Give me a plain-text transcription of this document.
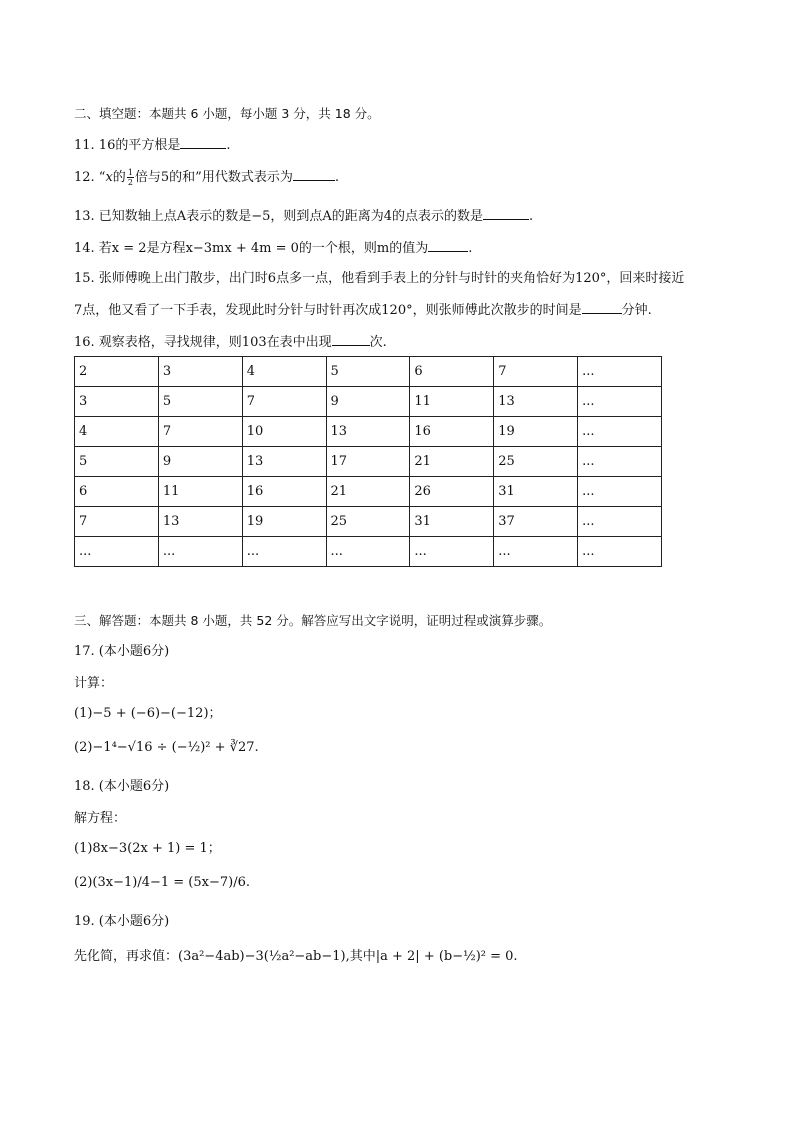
二、填空题：本题共 6 小题，每小题 3 分，共 18 分。
11. 16的平方根是	.
12. “x的 $\frac{1}{2}$ 倍与5的和”用代数式表示为	.
13. 已知数轴上点A表示的数是−5，则到点A的距离为4的点表示的数是	.
14. 若x = 2是方程x−3mx + 4m = 0的一个根，则m的值为	.
15. 张师傅晚上出门散步，出门时6点多一点，他看到手表上的分针与时针的夹角恰好为120°，回来时接近
7点，他又看了一下手表，发现此时分针与时针再次成120°，则张师傅此次散步的时间是	分钟.
16. 观察表格，寻找规律，则103在表中出现	次.
2	3	4	5	6	7	...
3	5	7	9	11	13	...
4	7	10	13	16	19	...
5	9	13	17	21	25	...
6	11	16	21	26	31	...
7	13	19	25	31	37	...
...	...	...	...	...	...	...
三、解答题：本题共 8 小题，共 52 分。解答应写出文字说明，证明过程或演算步骤。
17. (本小题6分)
计算：
(1)−5 + (−6)−(−12)；
(2)−1⁴−√16 ÷ (−½)² + ∛27.
18. (本小题6分)
解方程：
(1)8x−3(2x + 1) = 1；
(2)(3x−1)/4−1 = (5x−7)/6.
19. (本小题6分)
先化简，再求值：(3a²−4ab)−3(½a²−ab−1),其中|a + 2| + (b−½)² = 0.
